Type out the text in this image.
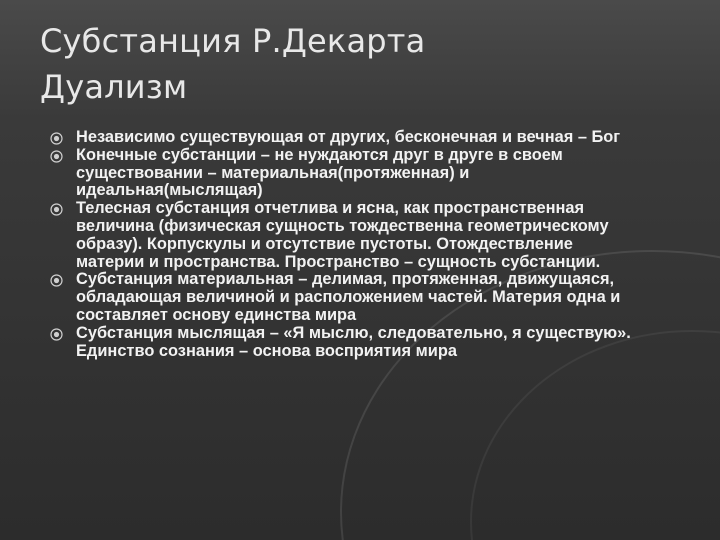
Субстанция Р.Декарта
Дуализм
Независимо существующая от других, бесконечная и вечная – Бог
Конечные субстанции – не нуждаются друг в друге в своем существовании – материальная(протяженная) и идеальная(мыслящая)
Телесная субстанция отчетлива и ясна, как пространственная величина (физическая сущность тождественна геометрическому образу). Корпускулы и отсутствие пустоты. Отождествление материи и пространства. Пространство – сущность субстанции.
Субстанция материальная – делимая, протяженная, движущаяся, обладающая величиной и расположением частей. Материя одна и составляет основу единства мира
Субстанция мыслящая – «Я мыслю, следовательно, я существую». Единство сознания – основа восприятия мира
